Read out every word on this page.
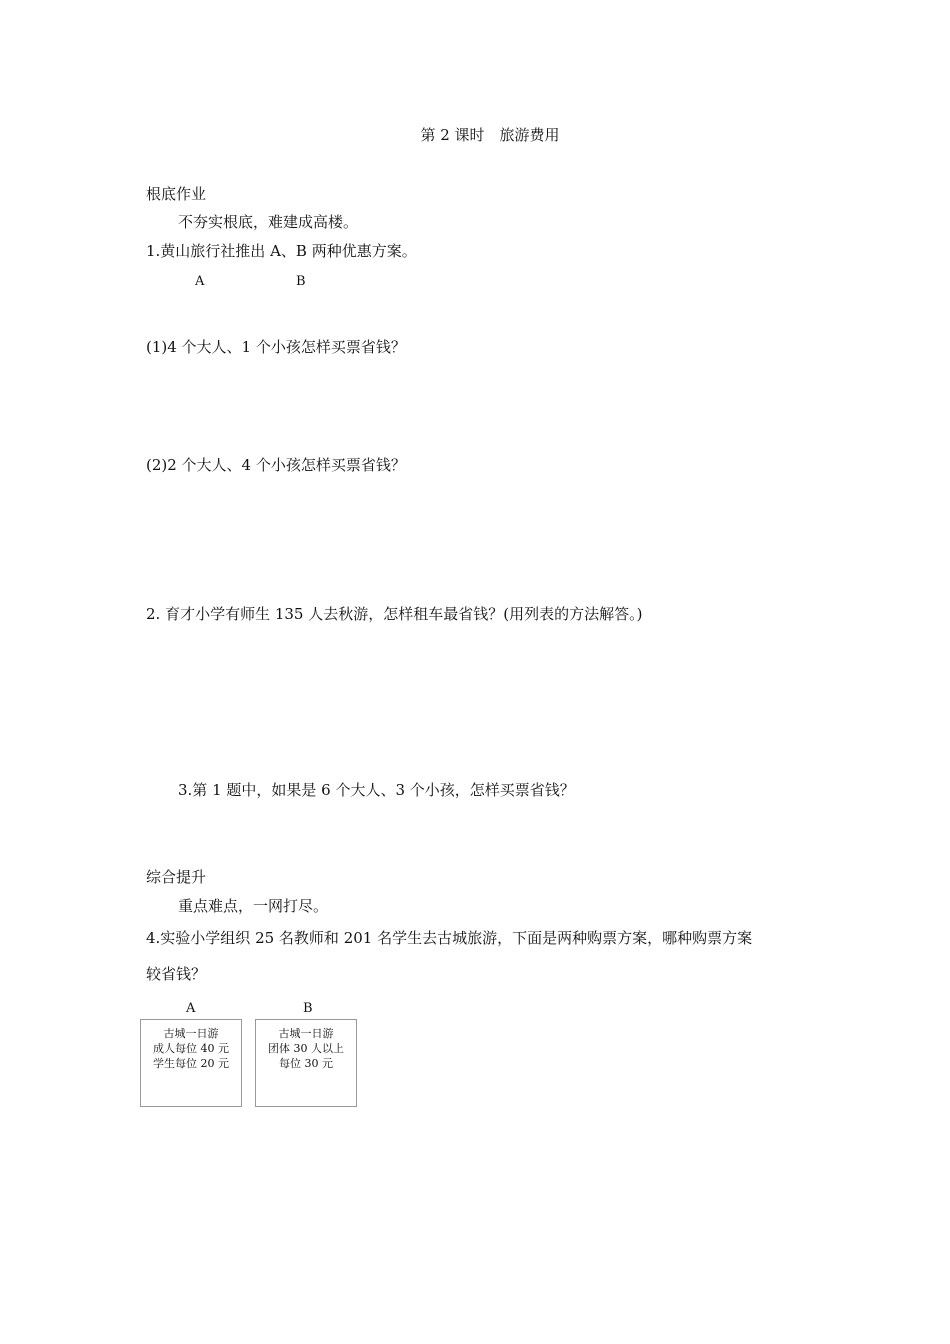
第 2 课时　旅游费用
根底作业
不夯实根底，难建成高楼。
1.黄山旅行社推出 A、B 两种优惠方案。
A	B
(1)4 个大人、1 个小孩怎样买票省钱？
(2)2 个大人、4 个小孩怎样买票省钱？
2. 育才小学有师生 135 人去秋游，怎样租车最省钱？(用列表的方法解答。)
3.第 1 题中，如果是 6 个大人、3 个小孩，怎样买票省钱？
综合提升
重点难点，一网打尽。
4.实验小学组织 25 名教师和 201 名学生去古城旅游，下面是两种购票方案，哪种购票方案
较省钱？
A	B
古城一日游
成人每位 40 元
学生每位 20 元
古城一日游
团体 30 人以上
每位 30 元
